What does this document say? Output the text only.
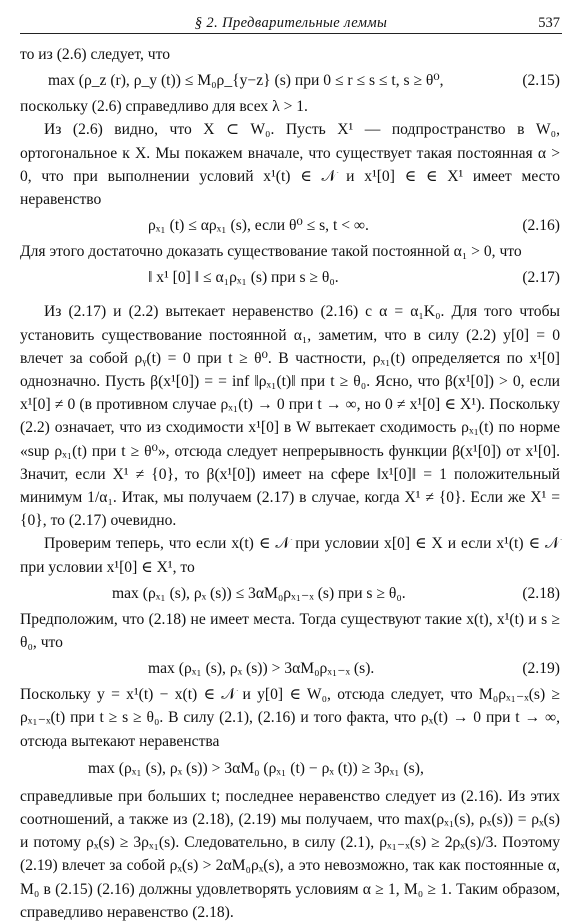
§ 2. Предварительные леммы	537

то из (2.6) следует, что

max (ρ_z (r), ρ_y (t)) ≤ M₀ρ_{y−z} (s) при 0 ≤ r ≤ s ≤ t, s ≥ θ⁰,	(2.15)

поскольку (2.6) справедливо для всех λ > 1.

Из (2.6) видно, что X ⊂ W₀. Пусть X¹ — подпространство в W₀, ортогональное к X. Мы покажем вначале, что существует такая постоянная α > 0, что при выполнении условий x¹(t) ∈ 𝒩 и x¹[0] ∈ ∈ X¹ имеет место неравенство

ρₓ₁ (t) ≤ αρₓ₁ (s), если θ⁰ ≤ s, t < ∞.	(2.16)

Для этого достаточно доказать существование такой постоянной α₁ > 0, что

‖ x¹ [0] ‖ ≤ α₁ρₓ₁ (s) при s ≥ θ₀.	(2.17)

Из (2.17) и (2.2) вытекает неравенство (2.16) с α = α₁K₀. Для того чтобы установить существование постоянной α₁, заметим, что в силу (2.2) y[0] = 0 влечет за собой ρᵧ(t) = 0 при t ≥ θ⁰. В частности, ρₓ₁(t) определяется по x¹[0] однозначно. Пусть β(x¹[0]) = = inf ‖ρₓ₁(t)‖ при t ≥ θ₀. Ясно, что β(x¹[0]) > 0, если x¹[0] ≠ 0 (в противном случае ρₓ₁(t) → 0 при t → ∞, но 0 ≠ x¹[0] ∈ X¹). Поскольку (2.2) означает, что из сходимости x¹[0] в W вытекает сходимость ρₓ₁(t) по норме «sup ρₓ₁(t) при t ≥ θ⁰», отсюда следует непрерывность функции β(x¹[0]) от x¹[0]. Значит, если X¹ ≠ {0}, то β(x¹[0]) имеет на сфере ‖x¹[0]‖ = 1 положительный минимум 1/α₁. Итак, мы получаем (2.17) в случае, когда X¹ ≠ {0}. Если же X¹ = {0}, то (2.17) очевидно.

Проверим теперь, что если x(t) ∈ 𝒩 при условии x[0] ∈ X и если x¹(t) ∈ 𝒩 при условии x¹[0] ∈ X¹, то

max (ρₓ₁ (s), ρₓ (s)) ≤ 3αM₀ρₓ₁₋ₓ (s) при s ≥ θ₀.	(2.18)

Предположим, что (2.18) не имеет места. Тогда существуют такие x(t), x¹(t) и s ≥ θ₀, что

max (ρₓ₁ (s), ρₓ (s)) > 3αM₀ρₓ₁₋ₓ (s).	(2.19)

Поскольку y = x¹(t) − x(t) ∈ 𝒩 и y[0] ∈ W₀, отсюда следует, что M₀ρₓ₁₋ₓ(s) ≥ ρₓ₁₋ₓ(t) при t ≥ s ≥ θ₀. В силу (2.1), (2.16) и того факта, что ρₓ(t) → 0 при t → ∞, отсюда вытекают неравенства

max (ρₓ₁ (s), ρₓ (s)) > 3αM₀ (ρₓ₁ (t) − ρₓ (t)) ≥ 3ρₓ₁ (s),

справедливые при больших t; последнее неравенство следует из (2.16). Из этих соотношений, а также из (2.18), (2.19) мы получаем, что max(ρₓ₁(s), ρₓ(s)) = ρₓ(s) и потому ρₓ(s) ≥ 3ρₓ₁(s). Следовательно, в силу (2.1), ρₓ₁₋ₓ(s) ≥ 2ρₓ(s)/3. Поэтому (2.19) влечет за собой ρₓ(s) > 2αM₀ρₓ(s), а это невозможно, так как постоянные α, M₀ в (2.15) (2.16) должны удовлетворять условиям α ≥ 1, M₀ ≥ 1. Таким образом, справедливо неравенство (2.18).
